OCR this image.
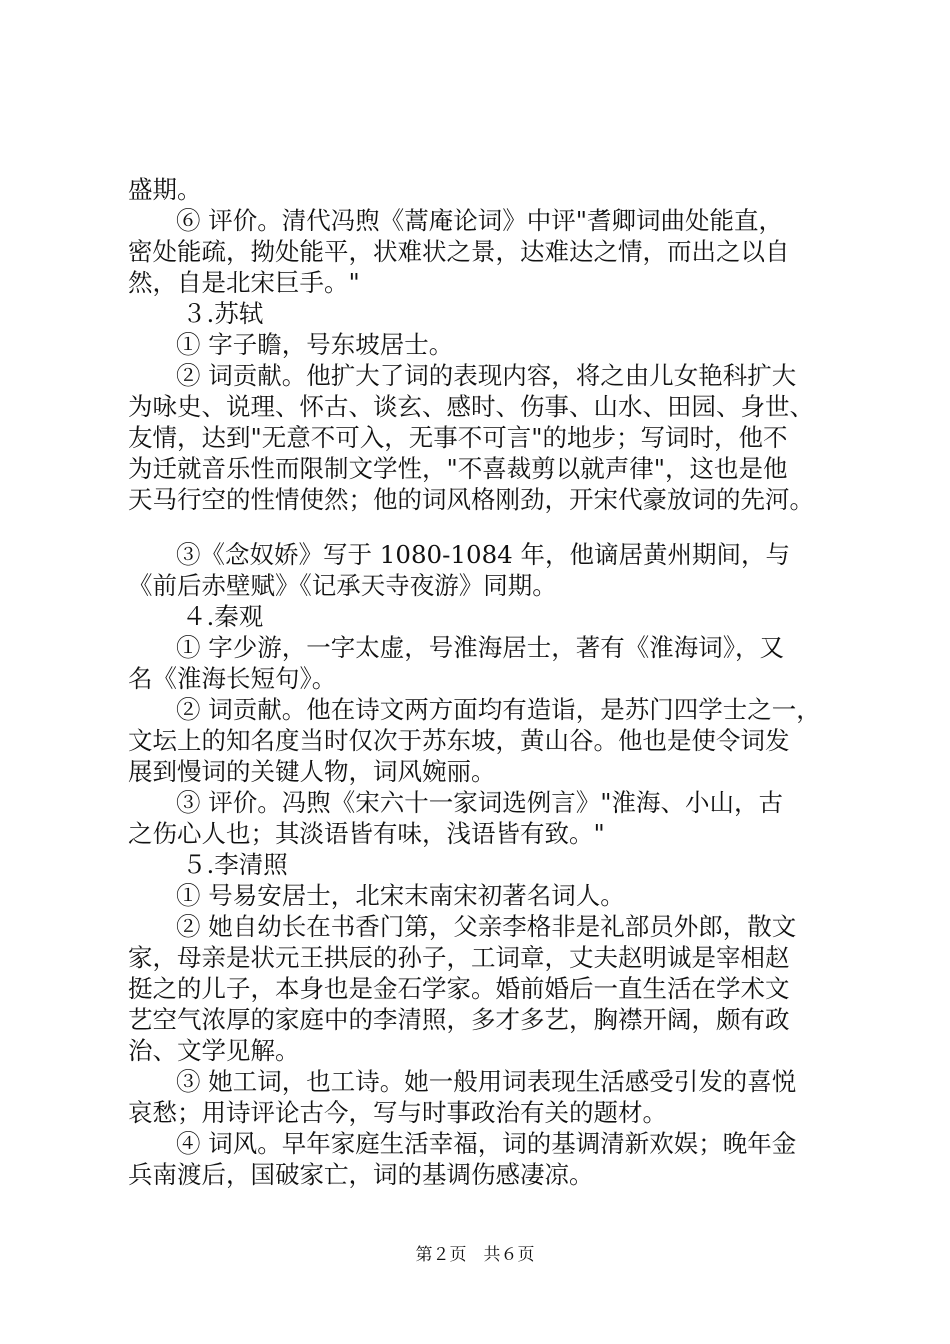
盛期。
⑥ 评价。清代冯煦《蒿庵论词》中评"耆卿词曲处能直，
密处能疏，拗处能平，状难状之景，达难达之情，而出之以自
然，自是北宋巨手。"
３.苏轼
① 字子瞻，号东坡居士。
② 词贡献。他扩大了词的表现内容，将之由儿女艳科扩大
为咏史、说理、怀古、谈玄、感时、伤事、山水、田园、身世、
友情，达到"无意不可入，无事不可言"的地步；写词时，他不
为迁就音乐性而限制文学性，"不喜裁剪以就声律"，这也是他
天马行空的性情使然；他的词风格刚劲，开宋代豪放词的先河。
③《念奴娇》写于 1080-1084 年，他谪居黄州期间，与
《前后赤壁赋》《记承天寺夜游》同期。
４.秦观
① 字少游，一字太虚，号淮海居士，著有《淮海词》，又
名《淮海长短句》。
② 词贡献。他在诗文两方面均有造诣，是苏门四学士之一，
文坛上的知名度当时仅次于苏东坡，黄山谷。他也是使令词发
展到慢词的关键人物，词风婉丽。
③ 评价。冯煦《宋六十一家词选例言》"淮海、小山，古
之伤心人也；其淡语皆有味，浅语皆有致。"
５.李清照
① 号易安居士，北宋末南宋初著名词人。
② 她自幼长在书香门第，父亲李格非是礼部员外郎，散文
家，母亲是状元王拱辰的孙子，工词章，丈夫赵明诚是宰相赵
挺之的儿子，本身也是金石学家。婚前婚后一直生活在学术文
艺空气浓厚的家庭中的李清照，多才多艺，胸襟开阔，颇有政
治、文学见解。
③ 她工词，也工诗。她一般用词表现生活感受引发的喜悦
哀愁；用诗评论古今，写与时事政治有关的题材。
④ 词风。早年家庭生活幸福，词的基调清新欢娱；晚年金
兵南渡后，国破家亡，词的基调伤感凄凉。
第２页　共６页
